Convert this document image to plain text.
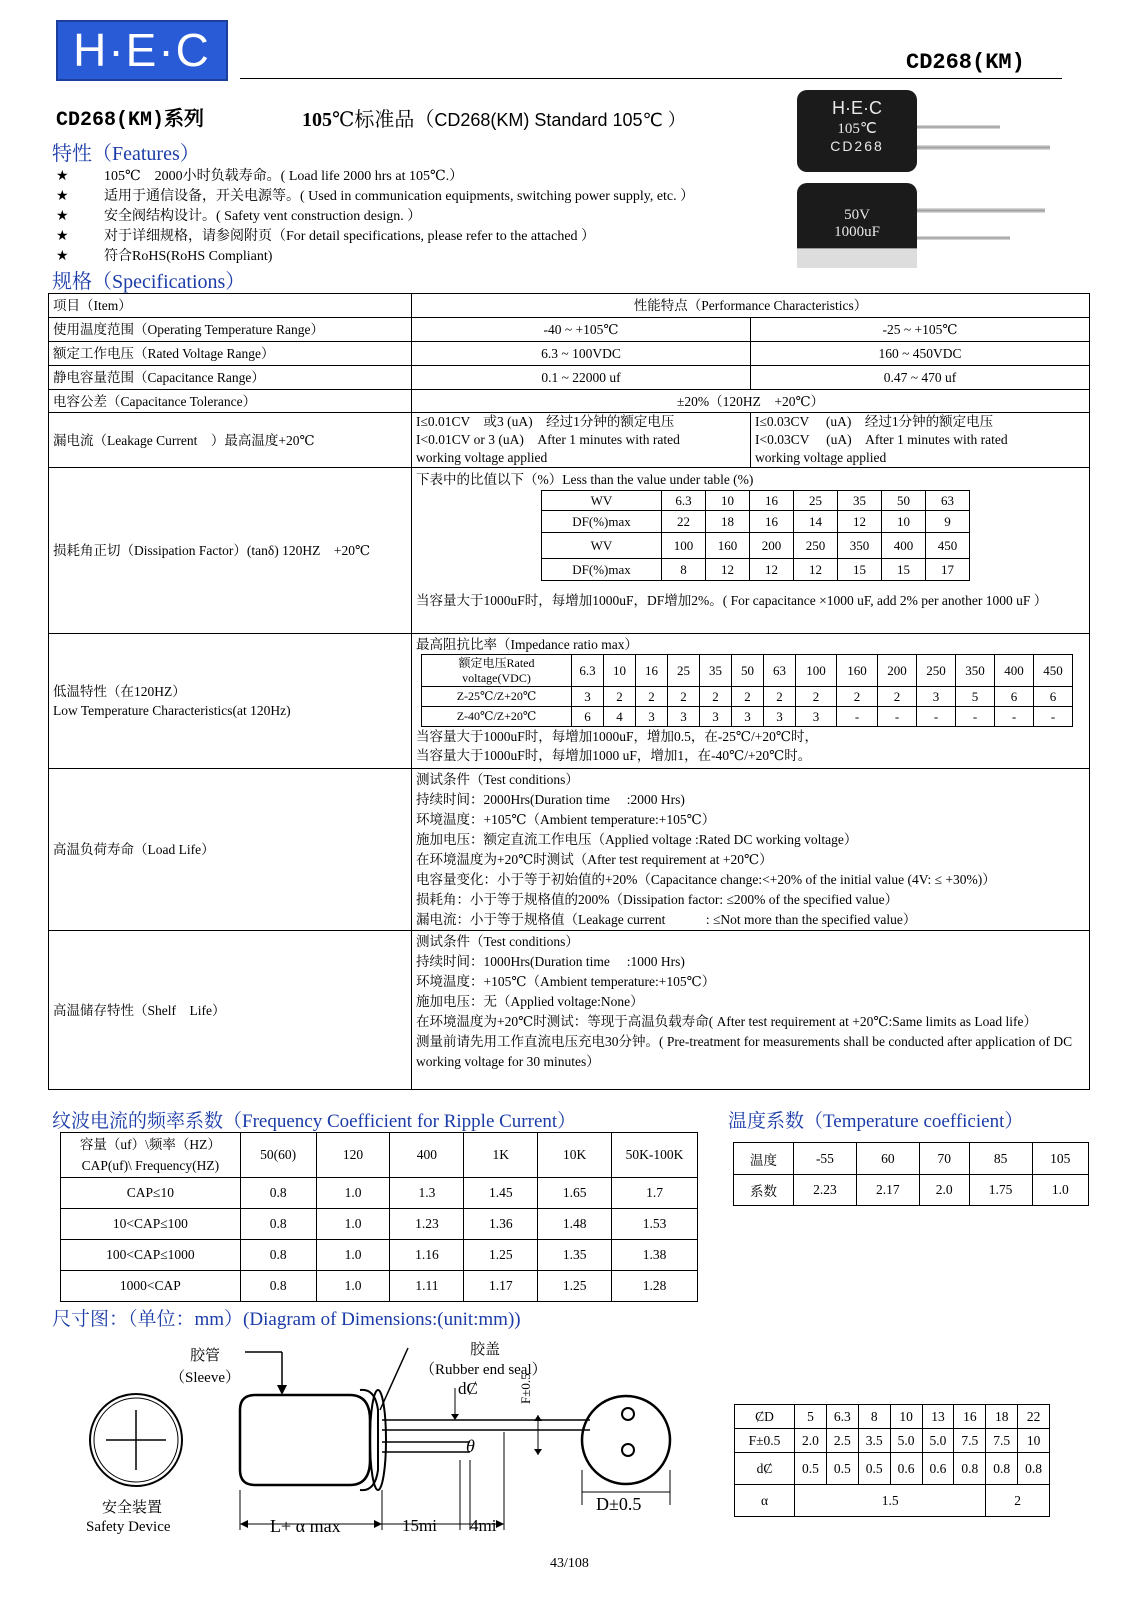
H·E·C	CD268(KM)
CD268(KM)系列	105℃标准品（CD268(KM) Standard 105℃ ）
H·E·C
105℃
CD268
50V
1000uF
特性（Features）
★	105℃　2000小时负载寿命。( Load life 2000 hrs at 105℃.）
★	适用于通信设备，开关电源等。( Used in communication equipments, switching power supply, etc. ）
★	安全阀结构设计。( Safety vent construction design. ）
★	对于详细规格，请参阅附页（For detail specifications, please refer to the attached ）
★	符合RoHS(RoHS Compliant)
规格（Specifications）
项目（Item）	性能特点（Performance Characteristics）
使用温度范围（Operating Temperature Range）	-40 ~ +105℃	-25 ~ +105℃
额定工作电压（Rated Voltage Range）	6.3 ~ 100VDC	160 ~ 450VDC
静电容量范围（Capacitance Range）	0.1 ~ 22000 uf	0.47 ~ 470 uf
电容公差（Capacitance Tolerance）	±20%（120HZ　+20℃）
漏电流（Leakage Current　）最高温度+20℃	
I≤0.01CV　或3 (uA)　经过1分钟的额定电压
I<0.01CV or 3 (uA)　After 1 minutes with rated
working voltage applied

I≤0.03CV　 (uA)　经过1分钟的额定电压
I<0.03CV　 (uA)　After 1 minutes with rated
working voltage applied

损耗角正切（Dissipation Factor）(tanδ) 120HZ　+20℃	
下表中的比值以下（%）Less than the value under table (%)
WV	6.3	10	16	25	35	50	63
DF(%)max	22	18	16	14	12	10	9
WV	100	160	200	250	350	400	450
DF(%)max	8	12	12	12	15	15	17
当容量大于1000uF时，每增加1000uF，DF增加2%。( For capacitance ×1000 uF, add 2% per another 1000 uF ）

低温特性（在120HZ）
Low Temperature Characteristics(at 120Hz)

最高阻抗比率（Impedance ratio max）
额定电压Rated voltage(VDC)	6.3	10	16	25	35	50	63	100	160	200	250	350	400	450
Z-25℃/Z+20℃	3	2	2	2	2	2	2	2	2	2	3	5	6	6
Z-40℃/Z+20℃	6	4	3	3	3	3	3	3	-	-	-	-	-	-
当容量大于1000uF时，每增加1000uF，增加0.5，在-25℃/+20℃时，
当容量大于1000uF时，每增加1000 uF，增加1，在-40℃/+20℃时。

高温负荷寿命（Load Life）	
测试条件（Test conditions）
持续时间：2000Hrs(Duration time　 :2000 Hrs)
环境温度：+105℃（Ambient temperature:+105℃）
施加电压：额定直流工作电压（Applied voltage :Rated DC working voltage）
在环境温度为+20℃时测试（After test requirement at +20℃）
电容量变化：小于等于初始值的+20%（Capacitance change:<+20% of the initial value (4V: ≤ +30%)）
损耗角：小于等于规格值的200%（Dissipation factor: ≤200% of the specified value）
漏电流：小于等于规格值（Leakage current　　　: ≤Not more than the specified value）

高温储存特性（Shelf　Life）	
测试条件（Test conditions）
持续时间：1000Hrs(Duration time　 :1000 Hrs)
环境温度：+105℃（Ambient temperature:+105℃）
施加电压：无（Applied voltage:None）
在环境温度为+20℃时测试：等现于高温负载寿命( After test requirement at +20℃:Same limits as Load life）
测量前请先用工作直流电压充电30分钟。( Pre-treatment for measurements shall be conducted after application of DC working voltage for 30 minutes）
纹波电流的频率系数（Frequency Coefficient for Ripple Current）
容量（uf）\频率（HZ）
CAP(uf)\ Frequency(HZ)	50(60)	120	400	1K	10K	50K-100K
CAP≤10	0.8	1.0	1.3	1.45	1.65	1.7
10<CAP≤100	0.8	1.0	1.23	1.36	1.48	1.53
100<CAP≤1000	0.8	1.0	1.16	1.25	1.35	1.38
1000<CAP	0.8	1.0	1.11	1.17	1.25	1.28
温度系数（Temperature coefficient）
温度	-55	60	70	85	105
系数	2.23	2.17	2.0	1.75	1.0
尺寸图：（单位：mm）(Diagram of Dimensions:(unit:mm))
胶管
（Sleeve）
胶盖
（Rubber end seal）
dȻ	F±0.5
θ
安全装置
Safety Device	L+ α max	15mi 4mi
D±0.5
ȻD	5	6.3	8	10	13	16	18	22
F±0.5	2.0	2.5	3.5	5.0	5.0	7.5	7.5	10
dȻ	0.5	0.5	0.5	0.6	0.6	0.8	0.8	0.8
α	1.5						2	
43/108
